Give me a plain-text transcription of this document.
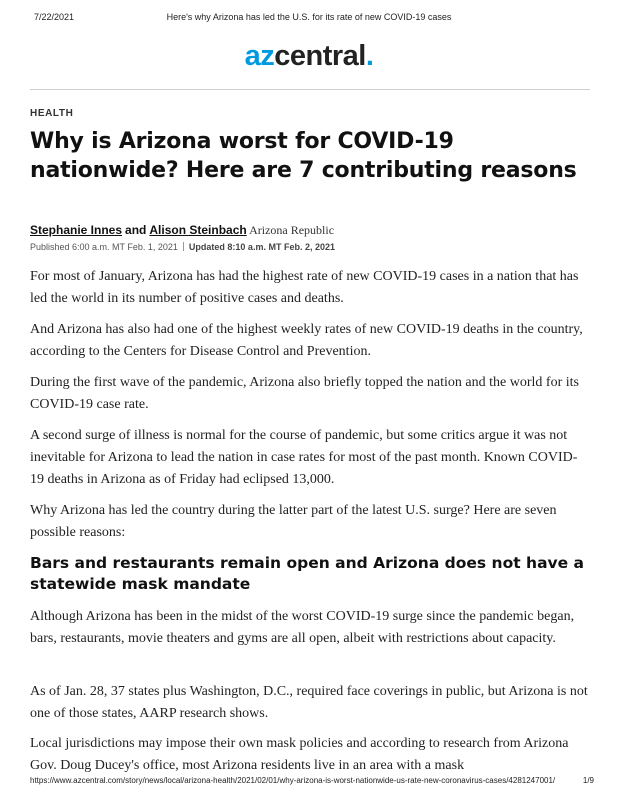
7/22/2021	Here's why Arizona has led the U.S. for its rate of new COVID-19 cases
azcentral.
HEALTH
Why is Arizona worst for COVID-19 nationwide? Here are 7 contributing reasons
Stephanie Innes and Alison Steinbach Arizona Republic
Published 6:00 a.m. MT Feb. 1, 2021 Updated 8:10 a.m. MT Feb. 2, 2021

For most of January, Arizona has had the highest rate of new COVID-19 cases in a nation that has led the world in its number of positive cases and deaths.

And Arizona has also had one of the highest weekly rates of new COVID-19 deaths in the country, according to the Centers for Disease Control and Prevention.

During the first wave of the pandemic, Arizona also briefly topped the nation and the world for its COVID-19 case rate.

A second surge of illness is normal for the course of pandemic, but some critics argue it was not inevitable for Arizona to lead the nation in case rates for most of the past month. Known COVID-19 deaths in Arizona as of Friday had eclipsed 13,000.

Why Arizona has led the country during the latter part of the latest U.S. surge? Here are seven possible reasons:

Bars and restaurants remain open and Arizona does not have a statewide mask mandate

Although Arizona has been in the midst of the worst COVID-19 surge since the pandemic began, bars, restaurants, movie theaters and gyms are all open, albeit with restrictions about capacity.

As of Jan. 28, 37 states plus Washington, D.C., required face coverings in public, but Arizona is not one of those states, AARP research shows.

Local jurisdictions may impose their own mask policies and according to research from Arizona Gov. Doug Ducey's office, most Arizona residents live in an area with a mask

https://www.azcentral.com/story/news/local/arizona-health/2021/02/01/why-arizona-is-worst-nationwide-us-rate-new-coronavirus-cases/4281247001/	1/9
